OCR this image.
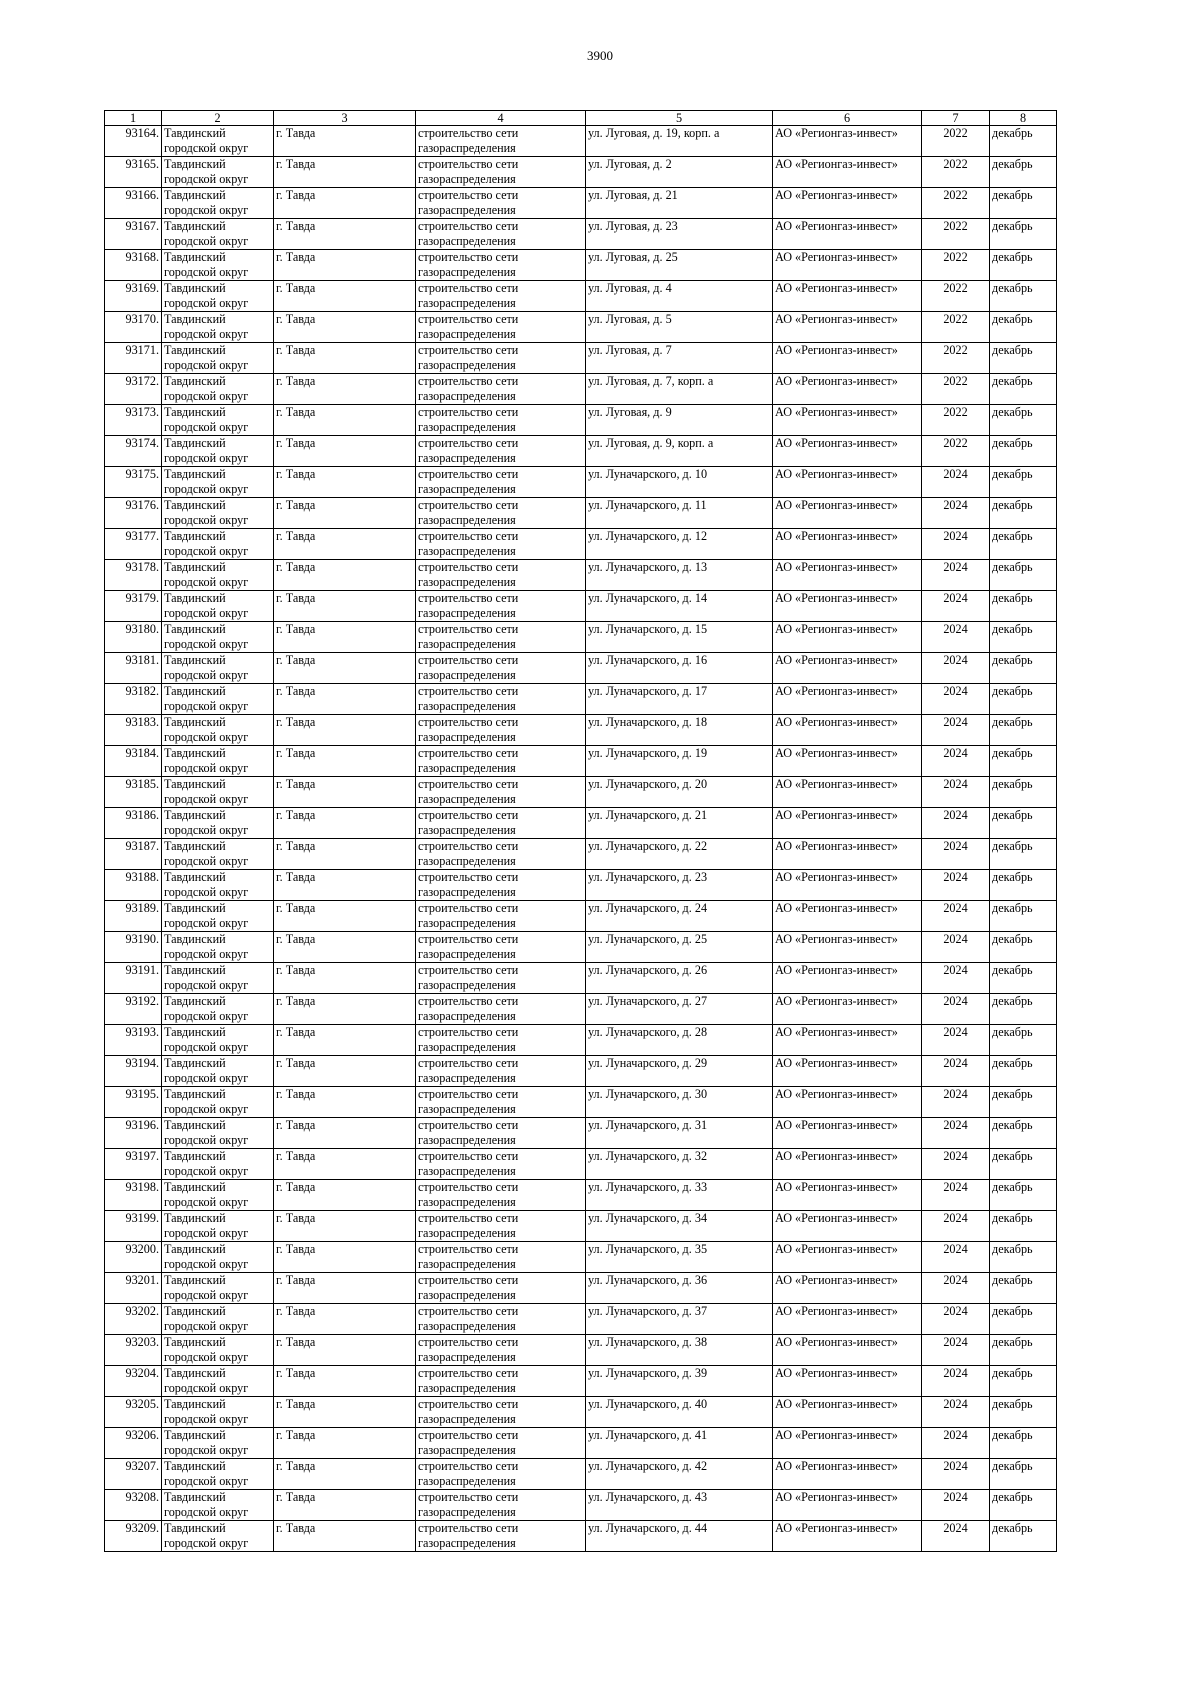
3900
1	2	3	4	5	6	7	8

93164.	Тавдинский
городской округ	г. Тавда	строительство сети
газораспределения	ул. Луговая, д. 19, корп. а	АО «Регионгаз-инвест»	2022	декабрь

93165.	Тавдинский
городской округ	г. Тавда	строительство сети
газораспределения	ул. Луговая, д. 2	АО «Регионгаз-инвест»	2022	декабрь

93166.	Тавдинский
городской округ	г. Тавда	строительство сети
газораспределения	ул. Луговая, д. 21	АО «Регионгаз-инвест»	2022	декабрь

93167.	Тавдинский
городской округ	г. Тавда	строительство сети
газораспределения	ул. Луговая, д. 23	АО «Регионгаз-инвест»	2022	декабрь

93168.	Тавдинский
городской округ	г. Тавда	строительство сети
газораспределения	ул. Луговая, д. 25	АО «Регионгаз-инвест»	2022	декабрь

93169.	Тавдинский
городской округ	г. Тавда	строительство сети
газораспределения	ул. Луговая, д. 4	АО «Регионгаз-инвест»	2022	декабрь

93170.	Тавдинский
городской округ	г. Тавда	строительство сети
газораспределения	ул. Луговая, д. 5	АО «Регионгаз-инвест»	2022	декабрь

93171.	Тавдинский
городской округ	г. Тавда	строительство сети
газораспределения	ул. Луговая, д. 7	АО «Регионгаз-инвест»	2022	декабрь

93172.	Тавдинский
городской округ	г. Тавда	строительство сети
газораспределения	ул. Луговая, д. 7, корп. а	АО «Регионгаз-инвест»	2022	декабрь

93173.	Тавдинский
городской округ	г. Тавда	строительство сети
газораспределения	ул. Луговая, д. 9	АО «Регионгаз-инвест»	2022	декабрь

93174.	Тавдинский
городской округ	г. Тавда	строительство сети
газораспределения	ул. Луговая, д. 9, корп. а	АО «Регионгаз-инвест»	2022	декабрь

93175.	Тавдинский
городской округ	г. Тавда	строительство сети
газораспределения	ул. Луначарского, д. 10	АО «Регионгаз-инвест»	2024	декабрь

93176.	Тавдинский
городской округ	г. Тавда	строительство сети
газораспределения	ул. Луначарского, д. 11	АО «Регионгаз-инвест»	2024	декабрь

93177.	Тавдинский
городской округ	г. Тавда	строительство сети
газораспределения	ул. Луначарского, д. 12	АО «Регионгаз-инвест»	2024	декабрь

93178.	Тавдинский
городской округ	г. Тавда	строительство сети
газораспределения	ул. Луначарского, д. 13	АО «Регионгаз-инвест»	2024	декабрь

93179.	Тавдинский
городской округ	г. Тавда	строительство сети
газораспределения	ул. Луначарского, д. 14	АО «Регионгаз-инвест»	2024	декабрь

93180.	Тавдинский
городской округ	г. Тавда	строительство сети
газораспределения	ул. Луначарского, д. 15	АО «Регионгаз-инвест»	2024	декабрь

93181.	Тавдинский
городской округ	г. Тавда	строительство сети
газораспределения	ул. Луначарского, д. 16	АО «Регионгаз-инвест»	2024	декабрь

93182.	Тавдинский
городской округ	г. Тавда	строительство сети
газораспределения	ул. Луначарского, д. 17	АО «Регионгаз-инвест»	2024	декабрь

93183.	Тавдинский
городской округ	г. Тавда	строительство сети
газораспределения	ул. Луначарского, д. 18	АО «Регионгаз-инвест»	2024	декабрь

93184.	Тавдинский
городской округ	г. Тавда	строительство сети
газораспределения	ул. Луначарского, д. 19	АО «Регионгаз-инвест»	2024	декабрь

93185.	Тавдинский
городской округ	г. Тавда	строительство сети
газораспределения	ул. Луначарского, д. 20	АО «Регионгаз-инвест»	2024	декабрь

93186.	Тавдинский
городской округ	г. Тавда	строительство сети
газораспределения	ул. Луначарского, д. 21	АО «Регионгаз-инвест»	2024	декабрь

93187.	Тавдинский
городской округ	г. Тавда	строительство сети
газораспределения	ул. Луначарского, д. 22	АО «Регионгаз-инвест»	2024	декабрь

93188.	Тавдинский
городской округ	г. Тавда	строительство сети
газораспределения	ул. Луначарского, д. 23	АО «Регионгаз-инвест»	2024	декабрь

93189.	Тавдинский
городской округ	г. Тавда	строительство сети
газораспределения	ул. Луначарского, д. 24	АО «Регионгаз-инвест»	2024	декабрь

93190.	Тавдинский
городской округ	г. Тавда	строительство сети
газораспределения	ул. Луначарского, д. 25	АО «Регионгаз-инвест»	2024	декабрь

93191.	Тавдинский
городской округ	г. Тавда	строительство сети
газораспределения	ул. Луначарского, д. 26	АО «Регионгаз-инвест»	2024	декабрь

93192.	Тавдинский
городской округ	г. Тавда	строительство сети
газораспределения	ул. Луначарского, д. 27	АО «Регионгаз-инвест»	2024	декабрь

93193.	Тавдинский
городской округ	г. Тавда	строительство сети
газораспределения	ул. Луначарского, д. 28	АО «Регионгаз-инвест»	2024	декабрь

93194.	Тавдинский
городской округ	г. Тавда	строительство сети
газораспределения	ул. Луначарского, д. 29	АО «Регионгаз-инвест»	2024	декабрь

93195.	Тавдинский
городской округ	г. Тавда	строительство сети
газораспределения	ул. Луначарского, д. 30	АО «Регионгаз-инвест»	2024	декабрь

93196.	Тавдинский
городской округ	г. Тавда	строительство сети
газораспределения	ул. Луначарского, д. 31	АО «Регионгаз-инвест»	2024	декабрь

93197.	Тавдинский
городской округ	г. Тавда	строительство сети
газораспределения	ул. Луначарского, д. 32	АО «Регионгаз-инвест»	2024	декабрь

93198.	Тавдинский
городской округ	г. Тавда	строительство сети
газораспределения	ул. Луначарского, д. 33	АО «Регионгаз-инвест»	2024	декабрь

93199.	Тавдинский
городской округ	г. Тавда	строительство сети
газораспределения	ул. Луначарского, д. 34	АО «Регионгаз-инвест»	2024	декабрь

93200.	Тавдинский
городской округ	г. Тавда	строительство сети
газораспределения	ул. Луначарского, д. 35	АО «Регионгаз-инвест»	2024	декабрь

93201.	Тавдинский
городской округ	г. Тавда	строительство сети
газораспределения	ул. Луначарского, д. 36	АО «Регионгаз-инвест»	2024	декабрь

93202.	Тавдинский
городской округ	г. Тавда	строительство сети
газораспределения	ул. Луначарского, д. 37	АО «Регионгаз-инвест»	2024	декабрь

93203.	Тавдинский
городской округ	г. Тавда	строительство сети
газораспределения	ул. Луначарского, д. 38	АО «Регионгаз-инвест»	2024	декабрь

93204.	Тавдинский
городской округ	г. Тавда	строительство сети
газораспределения	ул. Луначарского, д. 39	АО «Регионгаз-инвест»	2024	декабрь

93205.	Тавдинский
городской округ	г. Тавда	строительство сети
газораспределения	ул. Луначарского, д. 40	АО «Регионгаз-инвест»	2024	декабрь

93206.	Тавдинский
городской округ	г. Тавда	строительство сети
газораспределения	ул. Луначарского, д. 41	АО «Регионгаз-инвест»	2024	декабрь

93207.	Тавдинский
городской округ	г. Тавда	строительство сети
газораспределения	ул. Луначарского, д. 42	АО «Регионгаз-инвест»	2024	декабрь

93208.	Тавдинский
городской округ	г. Тавда	строительство сети
газораспределения	ул. Луначарского, д. 43	АО «Регионгаз-инвест»	2024	декабрь

93209.	Тавдинский
городской округ	г. Тавда	строительство сети
газораспределения	ул. Луначарского, д. 44	АО «Регионгаз-инвест»	2024	декабрь
